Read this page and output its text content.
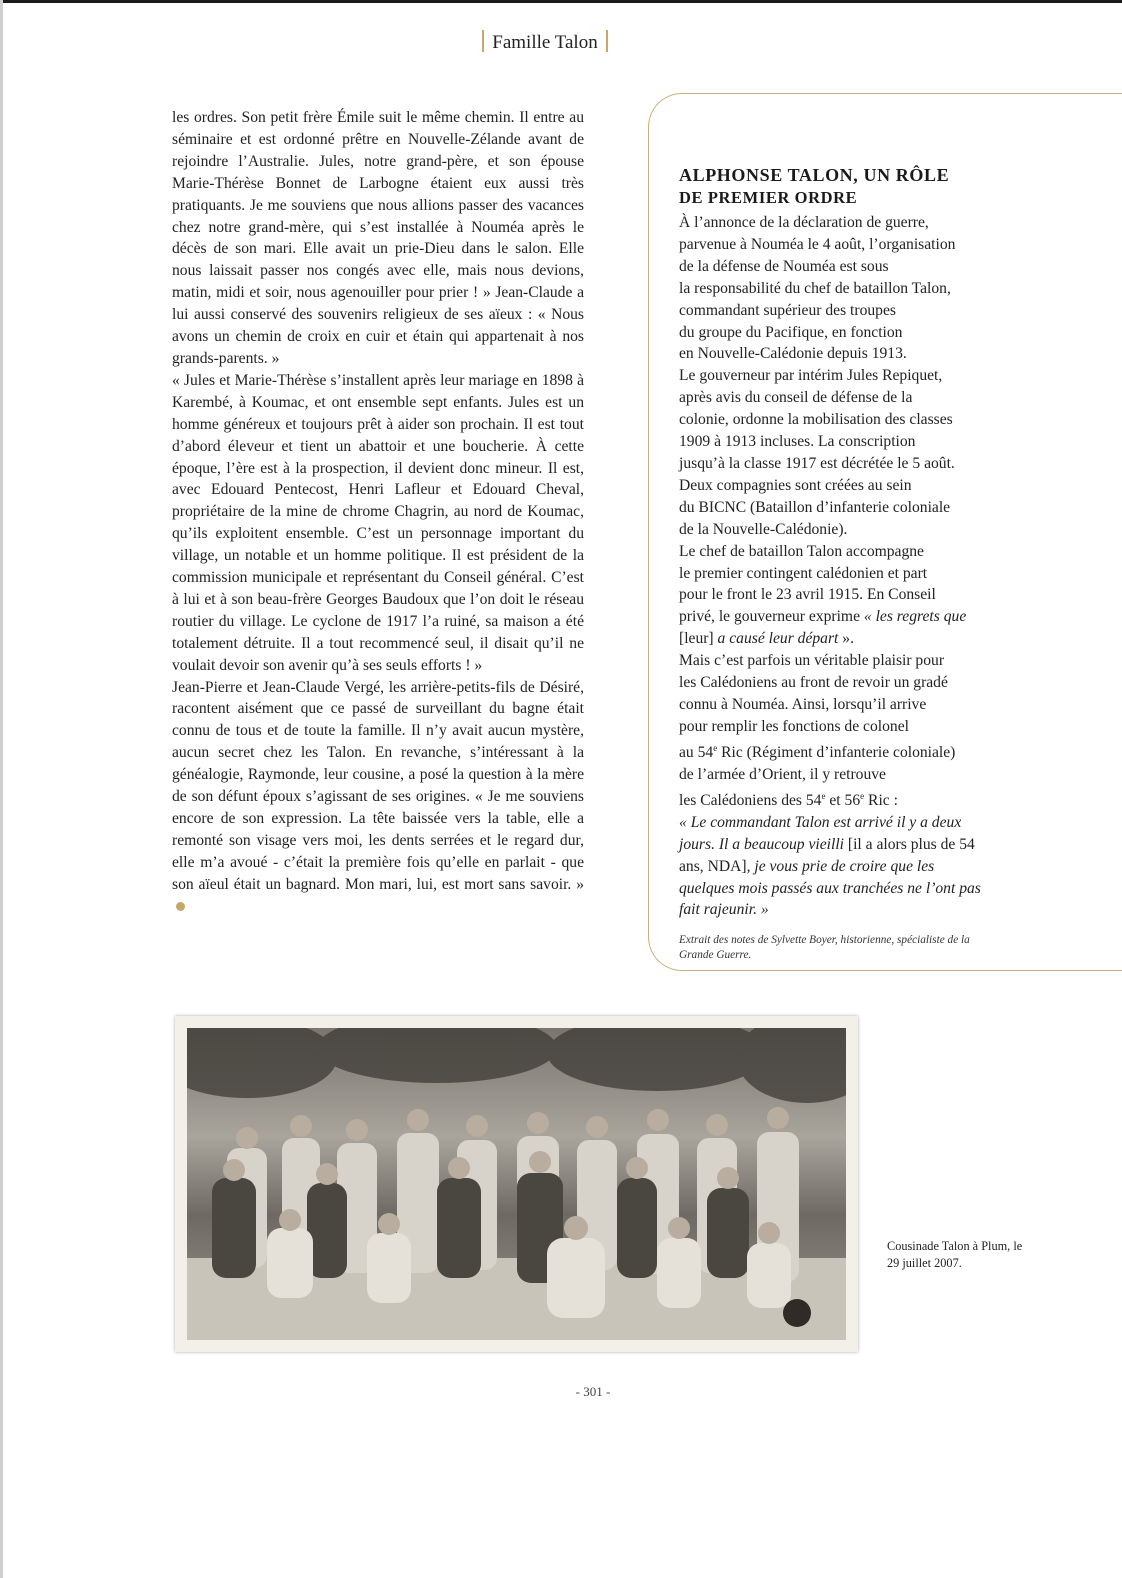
Famille Talon

les ordres. Son petit frère Émile suit le même chemin. Il entre au séminaire et est ordonné prêtre en Nouvelle-Zélande avant de rejoindre l’Australie. Jules, notre grand-père, et son épouse Marie-Thérèse Bonnet de Larbogne étaient eux aussi très pratiquants. Je me souviens que nous allions passer des vacances chez notre grand-mère, qui s’est installée à Nouméa après le décès de son mari. Elle avait un prie-Dieu dans le salon. Elle nous laissait passer nos congés avec elle, mais nous devions, matin, midi et soir, nous agenouiller pour prier ! » Jean-Claude a lui aussi conservé des souvenirs religieux de ses aïeux : « Nous avons un chemin de croix en cuir et étain qui appartenait à nos grands-parents. »

« Jules et Marie-Thérèse s’installent après leur mariage en 1898 à Karembé, à Koumac, et ont ensemble sept enfants. Jules est un homme généreux et toujours prêt à aider son prochain. Il est tout d’abord éleveur et tient un abattoir et une boucherie. À cette époque, l’ère est à la prospection, il devient donc mineur. Il est, avec Edouard Pentecost, Henri Lafleur et Edouard Cheval, propriétaire de la mine de chrome Chagrin, au nord de Koumac, qu’ils exploitent ensemble. C’est un personnage important du village, un notable et un homme politique. Il est président de la commission municipale et représentant du Conseil général. C’est à lui et à son beau-frère Georges Baudoux que l’on doit le réseau routier du village. Le cyclone de 1917 l’a ruiné, sa maison a été totalement détruite. Il a tout recommencé seul, il disait qu’il ne voulait devoir son avenir qu’à ses seuls efforts ! »

Jean-Pierre et Jean-Claude Vergé, les arrière-petits-fils de Désiré, racontent aisément que ce passé de surveillant du bagne était connu de tous et de toute la famille. Il n’y avait aucun mystère, aucun secret chez les Talon. En revanche, s’intéressant à la généalogie, Raymonde, leur cousine, a posé la question à la mère de son défunt époux s’agissant de ses origines. « Je me souviens encore de son expression. La tête baissée vers la table, elle a remonté son visage vers moi, les dents serrées et le regard dur, elle m’a avoué - c’était la première fois qu’elle en parlait - que son aïeul était un bagnard. Mon mari, lui, est mort sans savoir. »

ALPHONSE TALON, UN RÔLE
DE PREMIER ORDRE

À l’annonce de la déclaration de guerre,
parvenue à Nouméa le 4 août, l’organisation
de la défense de Nouméa est sous
la responsabilité du chef de bataillon Talon,
commandant supérieur des troupes
du groupe du Pacifique, en fonction
en Nouvelle-Calédonie depuis 1913.
Le gouverneur par intérim Jules Repiquet,
après avis du conseil de défense de la
colonie, ordonne la mobilisation des classes
1909 à 1913 incluses. La conscription
jusqu’à la classe 1917 est décrétée le 5 août.
Deux compagnies sont créées au sein
du BICNC (Bataillon d’infanterie coloniale
de la Nouvelle-Calédonie).
Le chef de bataillon Talon accompagne
le premier contingent calédonien et part
pour le front le 23 avril 1915. En Conseil
privé, le gouverneur exprime « les regrets que [leur] a causé leur départ ».
Mais c’est parfois un véritable plaisir pour
les Calédoniens au front de revoir un gradé
connu à Nouméa. Ainsi, lorsqu’il arrive
pour remplir les fonctions de colonel
au 54e Ric (Régiment d’infanterie coloniale)
de l’armée d’Orient, il y retrouve
les Calédoniens des 54e et 56e Ric :
« Le commandant Talon est arrivé il y a deux jours. Il a beaucoup vieilli [il a alors plus de 54 ans, NDA], je vous prie de croire que les quelques mois passés aux tranchées ne l’ont pas fait rajeunir. »

Extrait des notes de Sylvette Boyer, historienne, spécialiste de la Grande Guerre.
Cousinade Talon à Plum, le 29 juillet 2007.
- 301 -
